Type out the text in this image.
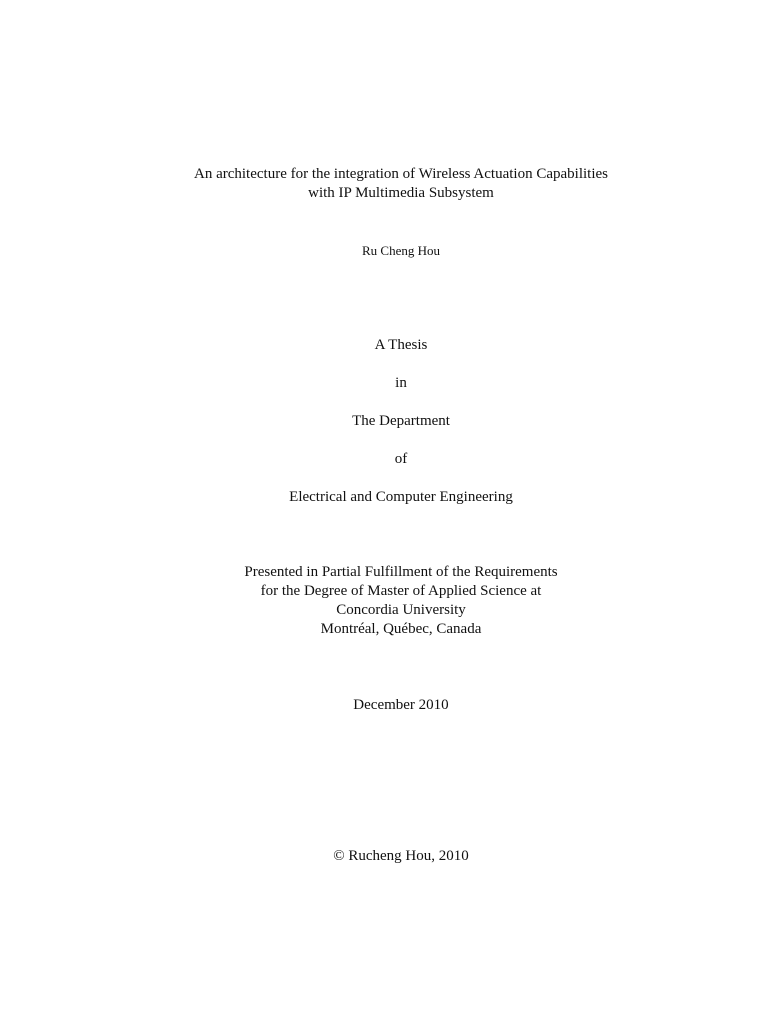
An architecture for the integration of Wireless Actuation Capabilities
with IP Multimedia Subsystem
Ru Cheng Hou
A Thesis
in
The Department
of
Electrical and Computer Engineering
Presented in Partial Fulfillment of the Requirements
for the Degree of Master of Applied Science at
Concordia University
Montréal, Québec, Canada
December 2010
© Rucheng Hou, 2010
